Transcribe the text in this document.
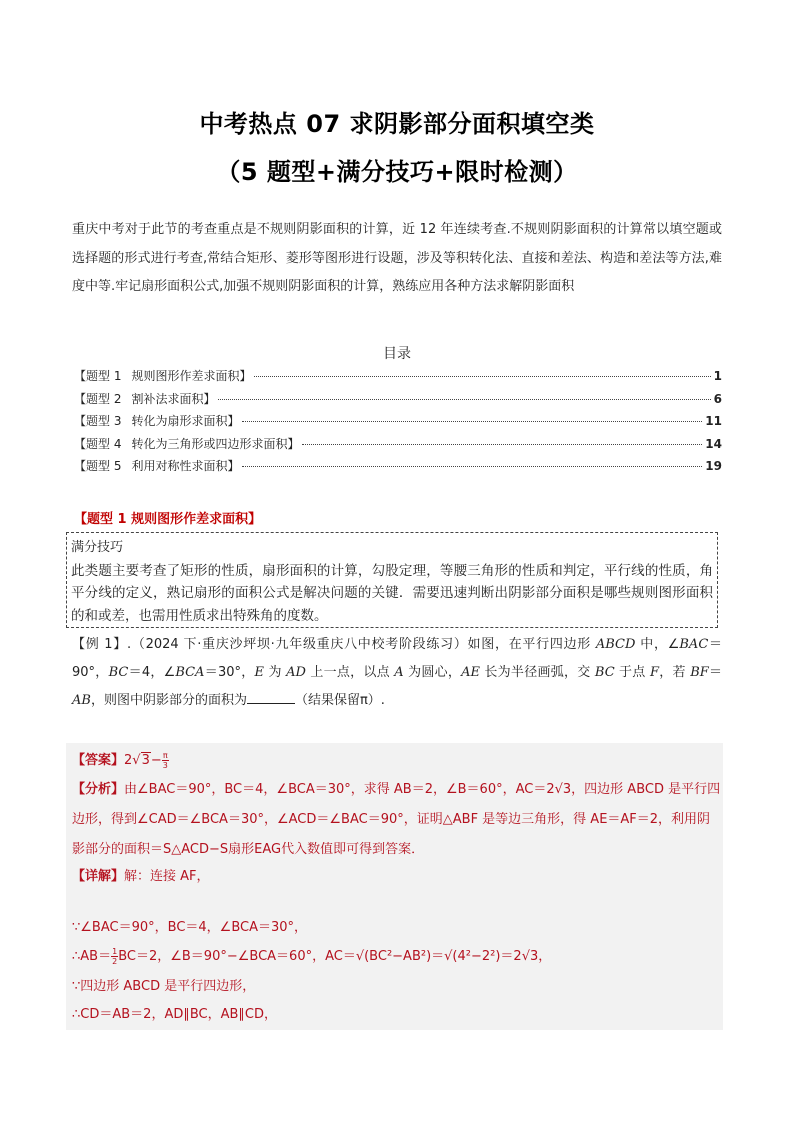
中考热点 07 求阴影部分面积填空类
（5 题型+满分技巧+限时检测）
重庆中考对于此节的考查重点是不规则阴影面积的计算，近 12 年连续考查.不规则阴影面积的计算常以填空题或选择题的形式进行考查,常结合矩形、菱形等图形进行设题，涉及等积转化法、直接和差法、构造和差法等方法,难度中等.牢记扇形面积公式,加强不规则阴影面积的计算，熟练应用各种方法求解阴影面积
目录
【题型 1 规则图形作差求面积】	1
【题型 2 割补法求面积】	6
【题型 3 转化为扇形求面积】	11
【题型 4 转化为三角形或四边形求面积】	14
【题型 5 利用对称性求面积】	19
【题型 1 规则图形作差求面积】
满分技巧
此类题主要考查了矩形的性质，扇形面积的计算，勾股定理，等腰三角形的性质和判定，平行线的性质，角平分线的定义，熟记扇形的面积公式是解决问题的关键．需要迅速判断出阴影部分面积是哪些规则图形面积的和或差，也需用性质求出特殊角的度数。
【例 1】.（2024 下·重庆沙坪坝·九年级重庆八中校考阶段练习）如图，在平行四边形 ABCD 中，∠BAC＝90°，BC＝4，∠BCA＝30°，E 为 AD 上一点，以点 A 为圆心，AE 长为半径画弧，交 BC 于点 F，若 BF＝AB，则图中阴影部分的面积为	（结果保留π）.
【答案】$2√3- \frac{\pi}{3}$
【分析】由∠BAC＝90°，BC＝4，∠BCA＝30°，求得 AB＝2，∠B＝60°，AC＝2√3，四边形 ABCD 是平行四
边形，得到∠CAD＝∠BCA＝30°，∠ACD＝∠BAC＝90°，证明△ABF 是等边三角形，得 AE＝AF＝2，利用阴
影部分的面积＝S△ACD−S扇形EAG代入数值即可得到答案．
【详解】解：连接 AF，
∵∠BAC＝90°，BC＝4，∠BCA＝30°，
∴AB＝ $\frac{1}{2} BC=2$，∠B＝90°−∠BCA＝60°，AC＝√(BC²−AB²)＝√(4²−2²)＝2√3，
∵四边形 ABCD 是平行四边形，
∴CD＝AB＝2，AD∥BC，AB∥CD，
